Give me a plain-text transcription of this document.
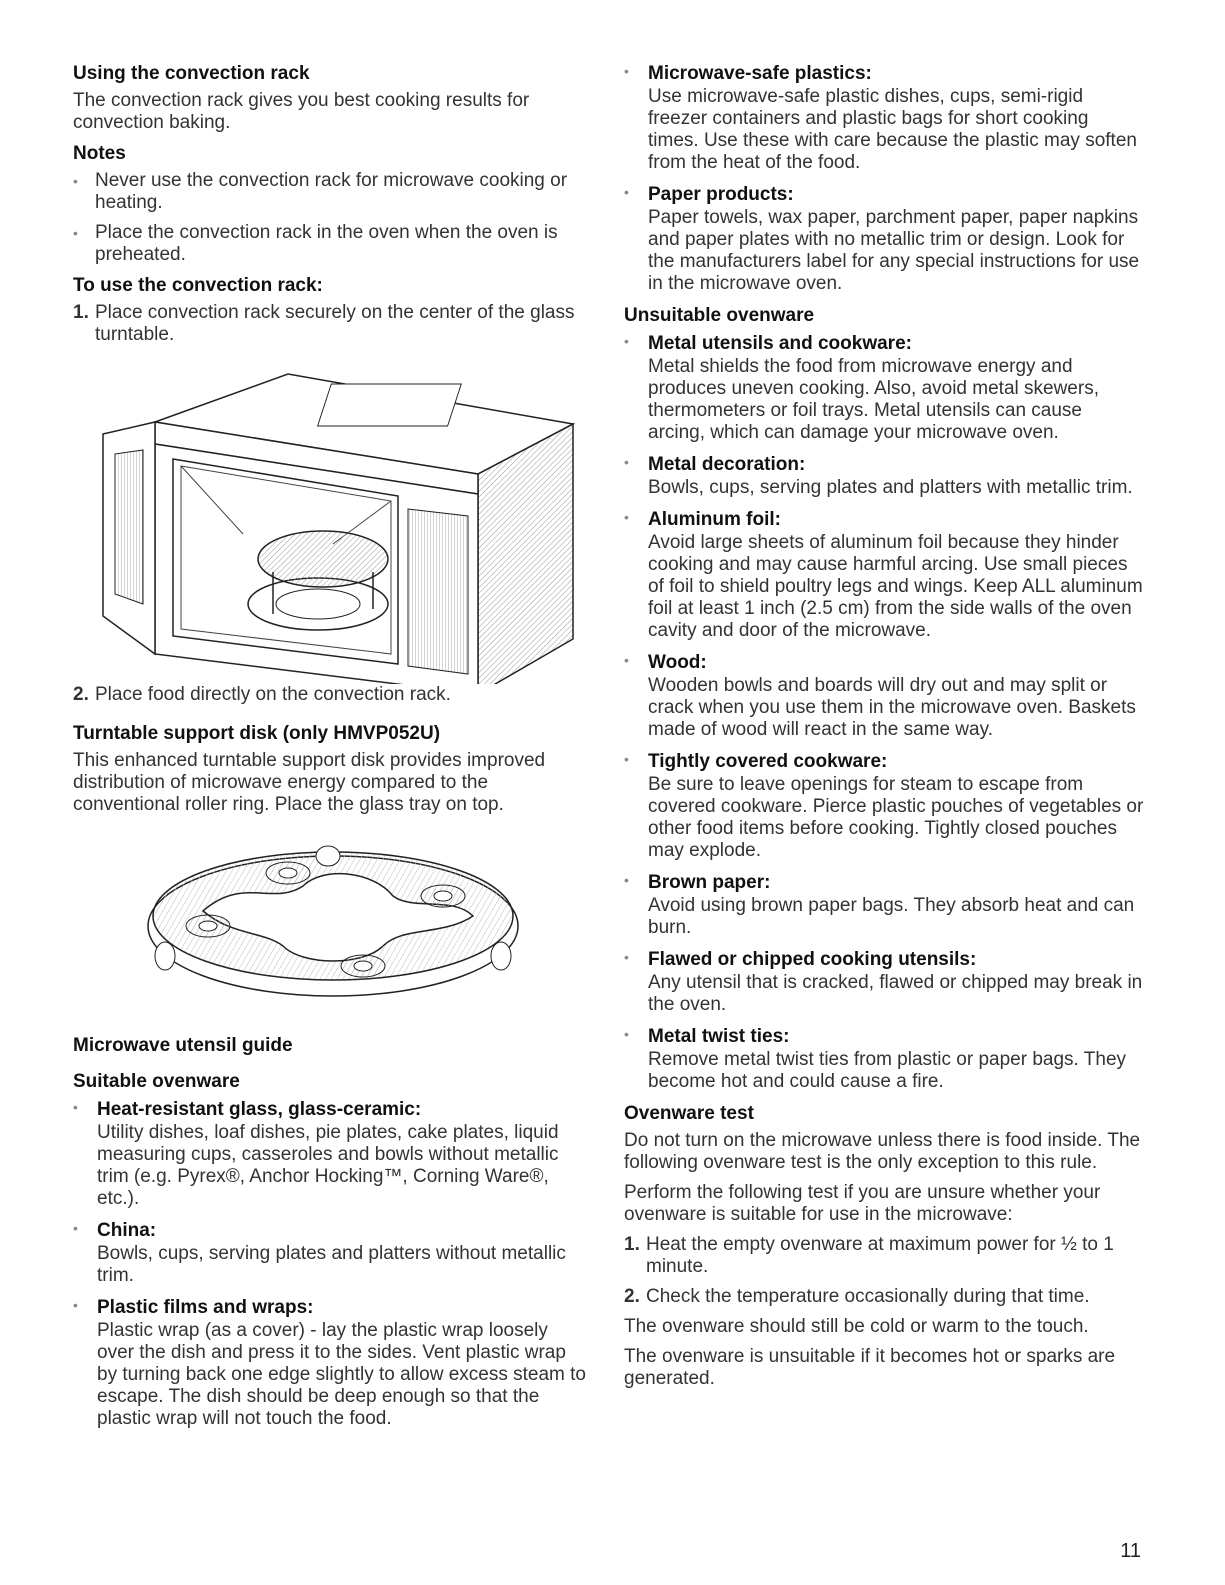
Using the convection rack

The convection rack gives you best cooking results for convection baking.

Notes
• Never use the convection rack for microwave cooking or heating.
• Place the convection rack in the oven when the oven is preheated.
To use the convection rack:
1. Place convection rack securely on the center of the glass turntable.
2. Place food directly on the convection rack.
Turntable support disk (only HMVP052U)

This enhanced turntable support disk provides improved distribution of microwave energy compared to the conventional roller ring. Place the glass tray on top.

Microwave utensil guide
Suitable ovenware
• Heat-resistant glass, glass-ceramic:
Utility dishes, loaf dishes, pie plates, cake plates, liquid measuring cups, casseroles and bowls without metallic trim (e.g. Pyrex®, Anchor Hocking™, Corning Ware®, etc.).
• China:
Bowls, cups, serving plates and platters without metallic trim.
• Plastic films and wraps:
Plastic wrap (as a cover) - lay the plastic wrap loosely over the dish and press it to the sides. Vent plastic wrap by turning back one edge slightly to allow excess steam to escape. The dish should be deep enough so that the plastic wrap will not touch the food.
• Microwave-safe plastics:
Use microwave-safe plastic dishes, cups, semi-rigid freezer containers and plastic bags for short cooking times. Use these with care because the plastic may soften from the heat of the food.
• Paper products:
Paper towels, wax paper, parchment paper, paper napkins and paper plates with no metallic trim or design. Look for the manufacturers label for any special instructions for use in the microwave oven.
Unsuitable ovenware
• Metal utensils and cookware:
Metal shields the food from microwave energy and produces uneven cooking. Also, avoid metal skewers, thermometers or foil trays. Metal utensils can cause arcing, which can damage your microwave oven.
• Metal decoration:
Bowls, cups, serving plates and platters with metallic trim.
• Aluminum foil:
Avoid large sheets of aluminum foil because they hinder cooking and may cause harmful arcing. Use small pieces of foil to shield poultry legs and wings. Keep ALL aluminum foil at least 1 inch (2.5 cm) from the side walls of the oven cavity and door of the microwave.
• Wood:
Wooden bowls and boards will dry out and may split or crack when you use them in the microwave oven. Baskets made of wood will react in the same way.
• Tightly covered cookware:
Be sure to leave openings for steam to escape from covered cookware. Pierce plastic pouches of vegetables or other food items before cooking. Tightly closed pouches may explode.
• Brown paper:
Avoid using brown paper bags. They absorb heat and can burn.
• Flawed or chipped cooking utensils:
Any utensil that is cracked, flawed or chipped may break in the oven.
• Metal twist ties:
Remove metal twist ties from plastic or paper bags. They become hot and could cause a fire.
Ovenware test

Do not turn on the microwave unless there is food inside. The following ovenware test is the only exception to this rule.

Perform the following test if you are unsure whether your ovenware is suitable for use in the microwave:

1. Heat the empty ovenware at maximum power for ½ to 1 minute.
2. Check the temperature occasionally during that time.

The ovenware should still be cold or warm to the touch.

The ovenware is unsuitable if it becomes hot or sparks are generated.

11
